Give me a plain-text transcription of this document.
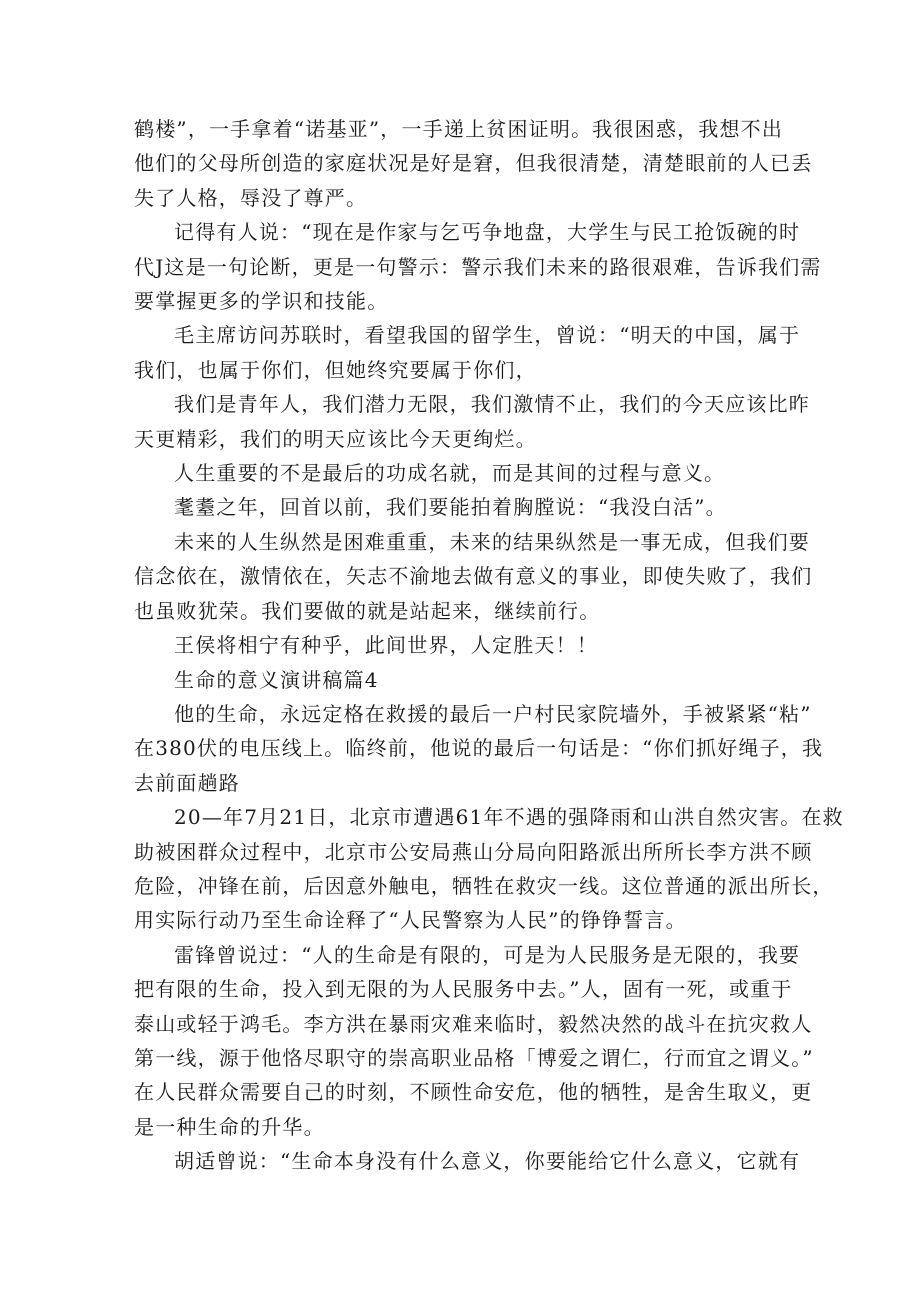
鹤楼”，一手拿着“诺基亚”，一手递上贫困证明。我很困惑，我想不出
他们的父母所创造的家庭状况是好是窘，但我很清楚，清楚眼前的人已丢
失了人格，辱没了尊严。
记得有人说：“现在是作家与乞丐争地盘，大学生与民工抢饭碗的时
代J这是一句论断，更是一句警示：警示我们未来的路很艰难，告诉我们需
要掌握更多的学识和技能。
毛主席访问苏联时，看望我国的留学生，曾说：“明天的中国，属于
我们，也属于你们，但她终究要属于你们，
我们是青年人，我们潜力无限，我们激情不止，我们的今天应该比昨
天更精彩，我们的明天应该比今天更绚烂。
人生重要的不是最后的功成名就，而是其间的过程与意义。
耄耋之年，回首以前，我们要能拍着胸膛说：“我没白活”。
未来的人生纵然是困难重重，未来的结果纵然是一事无成，但我们要
信念依在，激情依在，矢志不渝地去做有意义的事业，即使失败了，我们
也虽败犹荣。我们要做的就是站起来，继续前行。
王侯将相宁有种乎，此间世界，人定胜天！！
生命的意义演讲稿篇4
他的生命，永远定格在救援的最后一户村民家院墙外，手被紧紧“粘”
在380伏的电压线上。临终前，他说的最后一句话是：“你们抓好绳子，我
去前面趟路
20—年7月21日，北京市遭遇61年不遇的强降雨和山洪自然灾害。在救
助被困群众过程中，北京市公安局燕山分局向阳路派出所所长李方洪不顾
危险，冲锋在前，后因意外触电，牺牲在救灾一线。这位普通的派出所长，
用实际行动乃至生命诠释了“人民警察为人民”的铮铮誓言。
雷锋曾说过：“人的生命是有限的，可是为人民服务是无限的，我要
把有限的生命，投入到无限的为人民服务中去。”人，固有一死，或重于
泰山或轻于鸿毛。李方洪在暴雨灾难来临时，毅然决然的战斗在抗灾救人
第一线，源于他恪尽职守的崇高职业品格「博爱之谓仁，行而宜之谓义。”
在人民群众需要自己的时刻，不顾性命安危，他的牺牲，是舍生取义，更
是一种生命的升华。
胡适曾说：“生命本身没有什么意义，你要能给它什么意义，它就有
